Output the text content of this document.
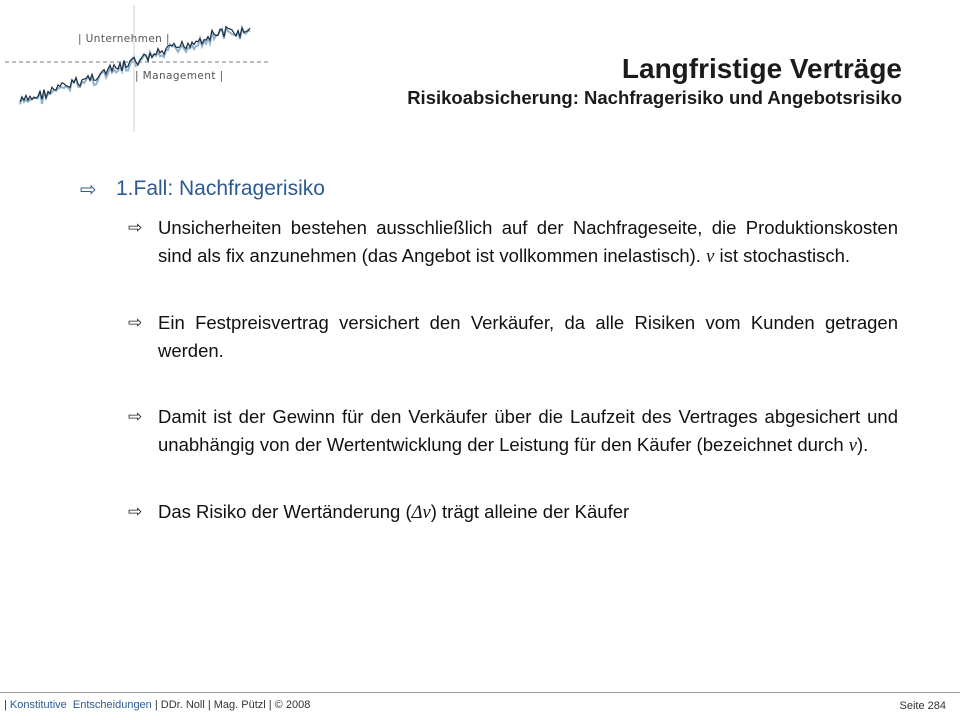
| Unternehmen |
| Management |	Langfristige Verträge
Risikoabsicherung: Nachfragerisiko und Angebotsrisiko
⇨ 1.Fall: Nachfragerisiko
⇨ Unsicherheiten bestehen ausschließlich auf der Nachfrageseite, die Produktionskosten sind als fix anzunehmen (das Angebot ist vollkommen inelastisch). v ist stochastisch.
⇨ Ein Festpreisvertrag versichert den Verkäufer, da alle Risiken vom Kunden getragen werden.
⇨ Damit ist der Gewinn für den Verkäufer über die Laufzeit des Vertrages abgesichert und unabhängig von der Wertentwicklung der Leistung für den Käufer (bezeichnet durch v).
⇨ Das Risiko der Wertänderung (Δv) trägt alleine der Käufer
| Konstitutive  Entscheidungen | DDr. Noll | Mag. Pützl | © 2008	Seite 284
